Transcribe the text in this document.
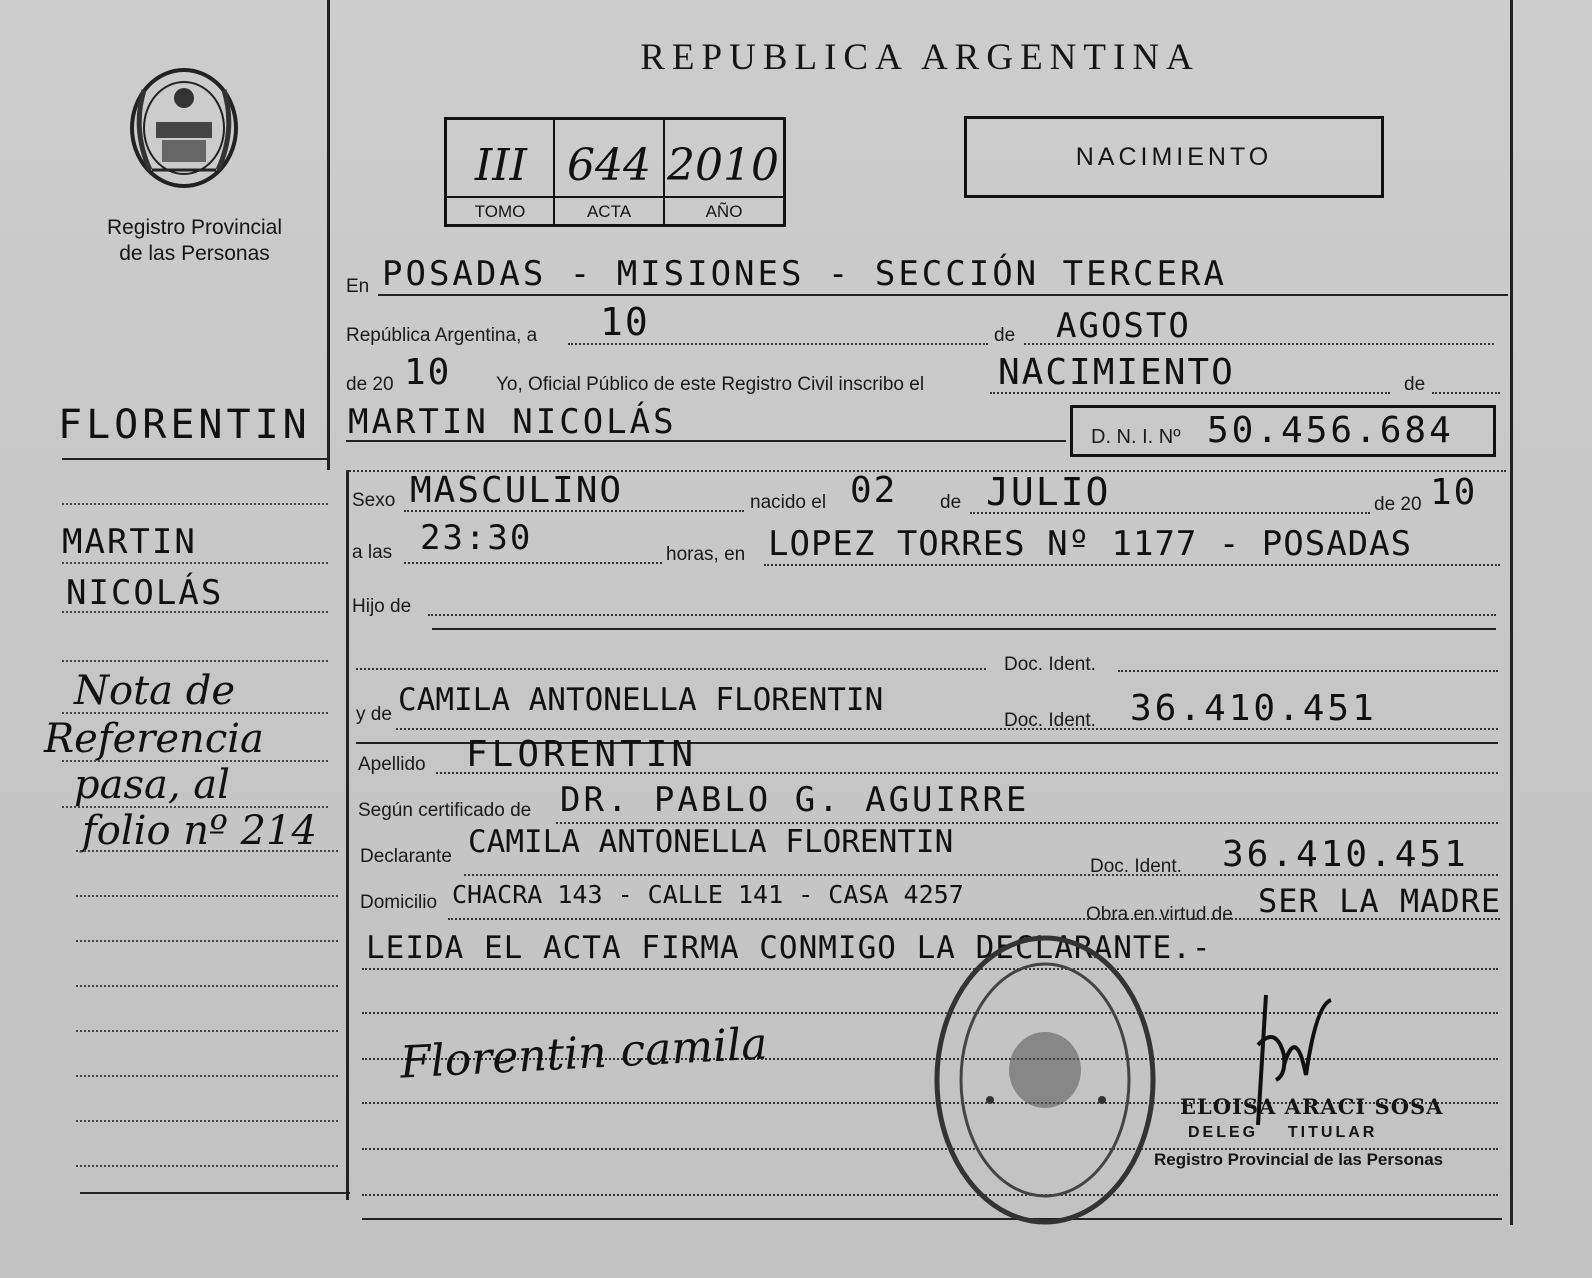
Registro Provincial
de las Personas
REPUBLICA ARGENTINA
III 644 2010
TOMO	ACTA	AÑO
NACIMIENTO
FLORENTIN
MARTIN
NICOLÁS
Nota de
Referencia
pasa, al
folio nº 214
En POSADAS - MISIONES - SECCIÓN TERCERA
República Argentina, a 10	de AGOSTO
de 20 10 Yo, Oficial Público de este Registro Civil inscribo el NACIMIENTO	de
MARTIN NICOLÁS	D. N. I. Nº 50.456.684
Sexo MASCULINO	nacido el 02 de JULIO	de 20 10
a las 23:30	horas, en LOPEZ TORRES Nº 1177 - POSADAS
Hijo de
Doc. Ident.
y de CAMILA ANTONELLA FLORENTIN
Doc. Ident. 36.410.451
Apellido FLORENTIN
Según certificado de DR. PABLO G. AGUIRRE
Declarante CAMILA ANTONELLA FLORENTIN
Doc. Ident. 36.410.451
Domicilio CHACRA 143 - CALLE 141 - CASA 4257
Obra en virtud de SER LA MADRE
LEIDA EL ACTA FIRMA CONMIGO LA DECLARANTE.-
Florentin camila
ELOISA ARACI SOSA
DELEG    TITULAR
Registro Provincial de las Personas
